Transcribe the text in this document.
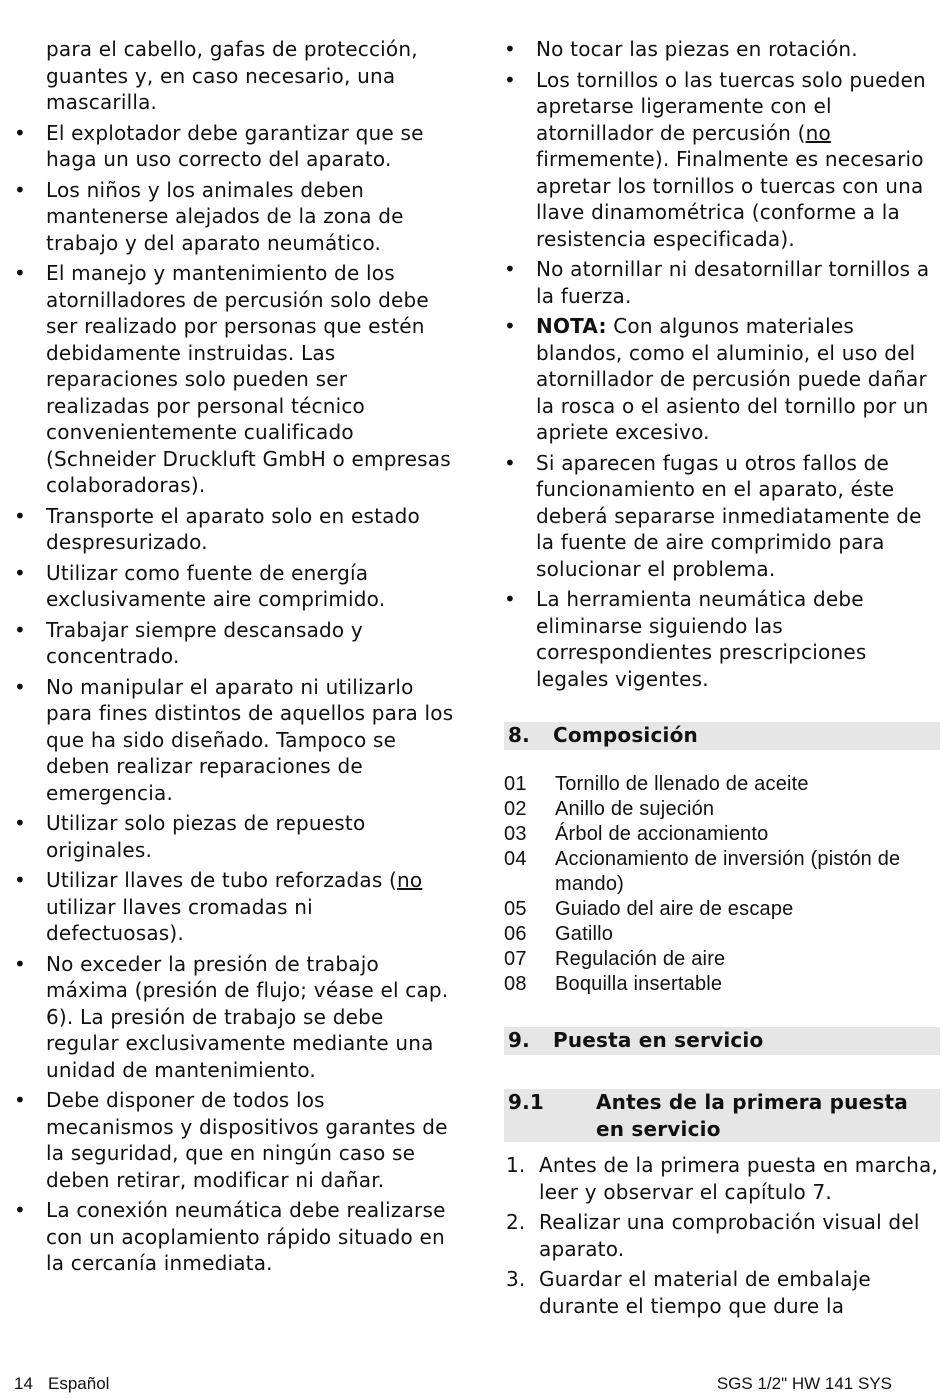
para el cabello, gafas de protección, guantes y, en caso necesario, una mascarilla.
• El explotador debe garantizar que se haga un uso correcto del aparato.
• Los niños y los animales deben mantenerse alejados de la zona de trabajo y del aparato neumático.
• El manejo y mantenimiento de los atornilladores de percusión solo debe ser realizado por personas que estén debidamente instruidas. Las reparaciones solo pueden ser realizadas por personal técnico convenientemente cualificado (Schneider Druckluft GmbH o empresas colaboradoras).
• Transporte el aparato solo en estado despresurizado.
• Utilizar como fuente de energía exclusivamente aire comprimido.
• Trabajar siempre descansado y concentrado.
• No manipular el aparato ni utilizarlo para fines distintos de aquellos para los que ha sido diseñado. Tampoco se deben realizar reparaciones de emergencia.
• Utilizar solo piezas de repuesto originales.
• Utilizar llaves de tubo reforzadas (no utilizar llaves cromadas ni defectuosas).
• No exceder la presión de trabajo máxima (presión de flujo; véase el cap. 6). La presión de trabajo se debe regular exclusivamente mediante una unidad de mantenimiento.
• Debe disponer de todos los mecanismos y dispositivos garantes de la seguridad, que en ningún caso se deben retirar, modificar ni dañar.
• La conexión neumática debe realizarse con un acoplamiento rápido situado en la cercanía inmediata.
• No tocar las piezas en rotación.
• Los tornillos o las tuercas solo pueden apretarse ligeramente con el atornillador de percusión (no firmemente). Finalmente es necesario apretar los tornillos o tuercas con una llave dinamométrica (conforme a la resistencia especificada).
• No atornillar ni desatornillar tornillos a la fuerza.
• NOTA: Con algunos materiales blandos, como el aluminio, el uso del atornillador de percusión puede dañar la rosca o el asiento del tornillo por un apriete excesivo.
• Si aparecen fugas u otros fallos de funcionamiento en el aparato, éste deberá separarse inmediatamente de la fuente de aire comprimido para solucionar el problema.
• La herramienta neumática debe eliminarse siguiendo las correspondientes prescripciones legales vigentes.
8. Composición
01 Tornillo de llenado de aceite
02 Anillo de sujeción
03 Árbol de accionamiento
04 Accionamiento de inversión (pistón de mando)
05 Guiado del aire de escape
06 Gatillo
07 Regulación de aire
08 Boquilla insertable
9. Puesta en servicio
9.1	Antes de la primera puesta en servicio
1. Antes de la primera puesta en marcha, leer y observar el capítulo 7.
2. Realizar una comprobación visual del aparato.
3. Guardar el material de embalaje durante el tiempo que dure la
14 Español	SGS 1/2" HW 141 SYS
